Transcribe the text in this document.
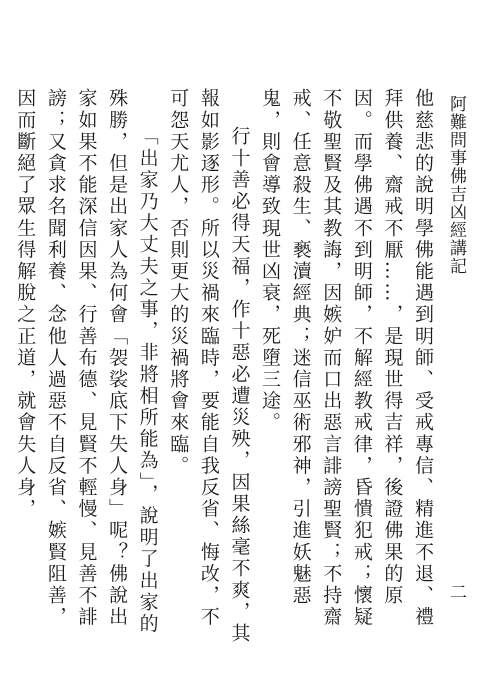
阿難問事佛吉凶經講記

他慈悲的說明學佛能遇到明師、受戒專信、精進不退、禮拜供養、齋戒不厭……，是現世得吉祥，後證佛果的原因。而學佛遇不到明師，不解經教戒律，昏憒犯戒；懷疑不敬聖賢及其教誨，因嫉妒而口出惡言誹謗聖賢；不持齋戒、任意殺生、褻瀆經典；迷信巫術邪神，引進妖魅惡鬼，則會導致現世凶衰，死墮三途。

行十善必得天福，作十惡必遭災殃，因果絲毫不爽，其報如影逐形。所以災禍來臨時，要能自我反省、悔改，不可怨天尤人，否則更大的災禍將會來臨。

「出家乃大丈夫之事，非將相所能為」，說明了出家的殊勝，但是出家人為何會「袈裟底下失人身」呢？佛說出家如果不能深信因果、行善布德、見賢不輕慢、見善不誹謗；又貪求名聞利養、念他人過惡不自反省、嫉賢阻善，因而斷絕了眾生得解脫之正道，就會失人身，

二
